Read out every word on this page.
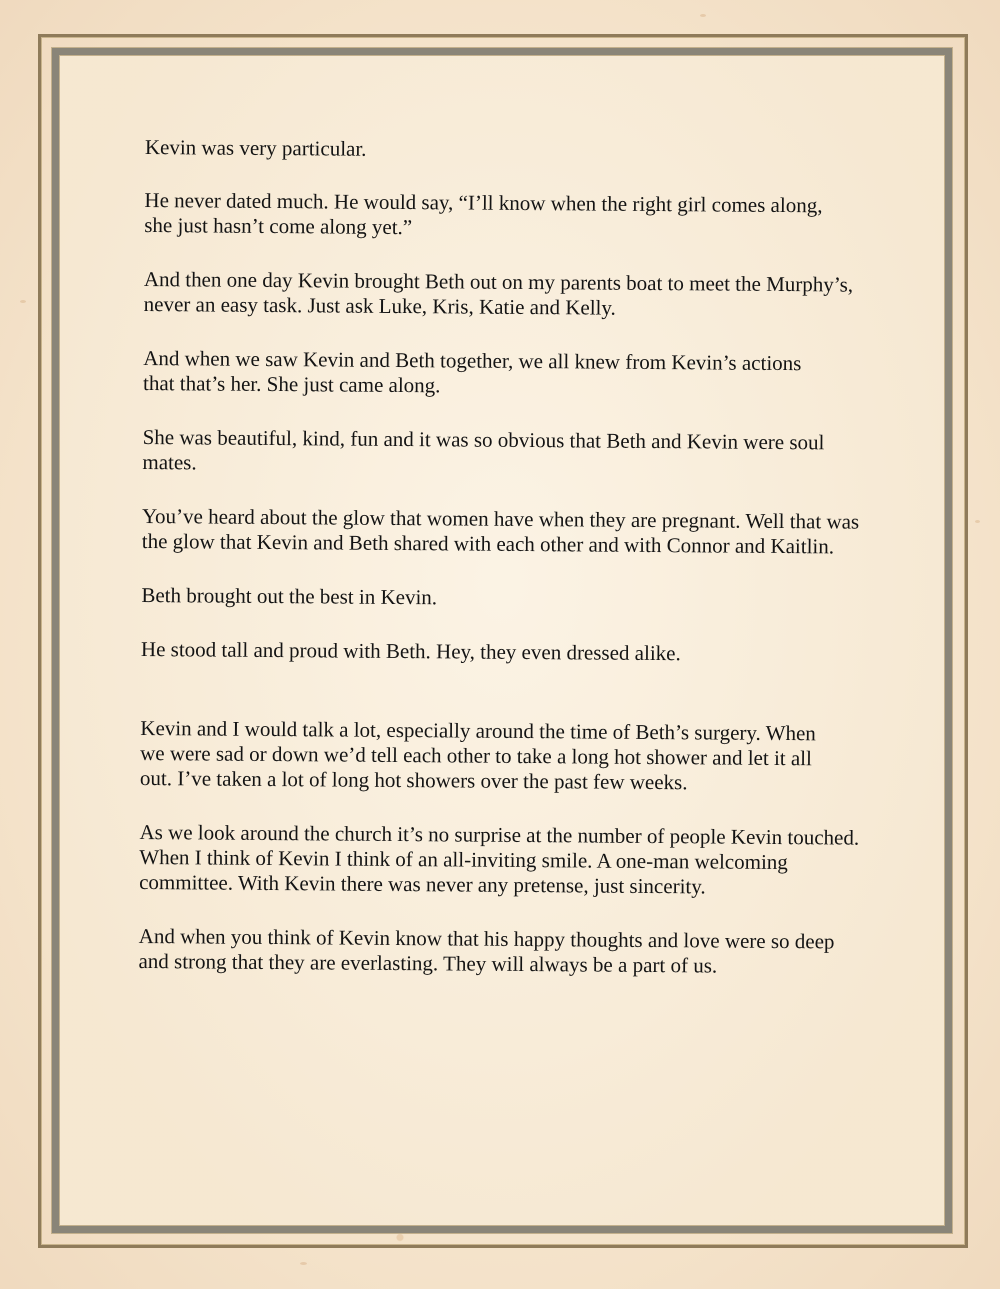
Kevin was very particular.

He never dated much. He would say, “I’ll know when the right girl comes along, she just hasn’t come along yet.”

And then one day Kevin brought Beth out on my parents boat to meet the Murphy’s, never an easy task. Just ask Luke, Kris, Katie and Kelly.

And when we saw Kevin and Beth together, we all knew from Kevin’s actions that that’s her. She just came along.

She was beautiful, kind, fun and it was so obvious that Beth and Kevin were soul mates.

You’ve heard about the glow that women have when they are pregnant. Well that was the glow that Kevin and Beth shared with each other and with Connor and Kaitlin.

Beth brought out the best in Kevin.

He stood tall and proud with Beth. Hey, they even dressed alike.

Kevin and I would talk a lot, especially around the time of Beth’s surgery. When we were sad or down we’d tell each other to take a long hot shower and let it all out. I’ve taken a lot of long hot showers over the past few weeks.

As we look around the church it’s no surprise at the number of people Kevin touched. When I think of Kevin I think of an all-inviting smile. A one-man welcoming committee. With Kevin there was never any pretense, just sincerity.

And when you think of Kevin know that his happy thoughts and love were so deep and strong that they are everlasting. They will always be a part of us.
